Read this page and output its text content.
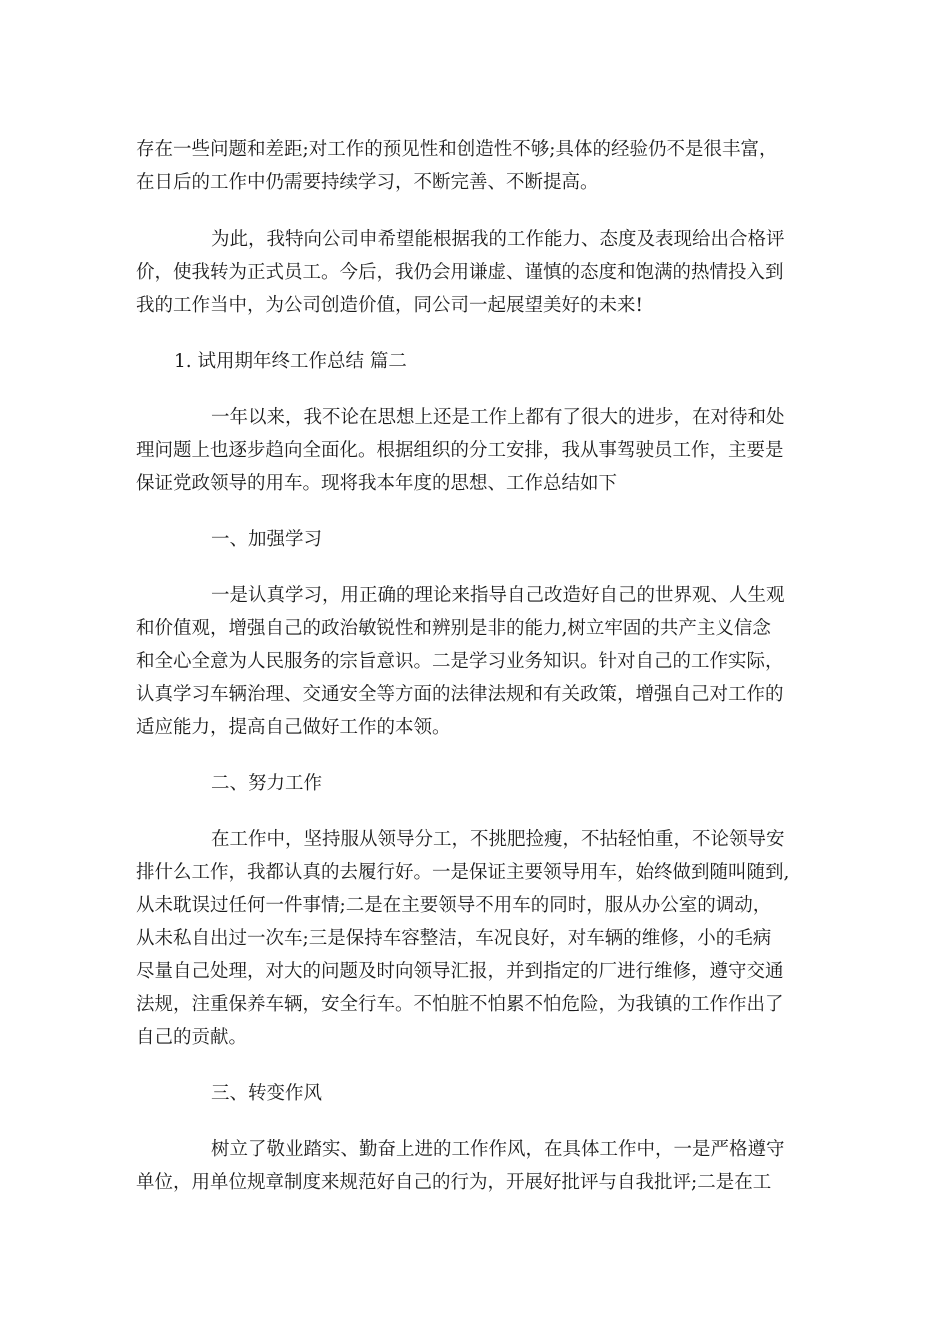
存在一些问题和差距;对工作的预见性和创造性不够;具体的经验仍不是很丰富，
在日后的工作中仍需要持续学习，不断完善、不断提高。
为此，我特向公司申希望能根据我的工作能力、态度及表现给出合格评
价，使我转为正式员工。今后，我仍会用谦虚、谨慎的态度和饱满的热情投入到
我的工作当中，为公司创造价值，同公司一起展望美好的未来!
1. 试用期年终工作总结 篇二
一年以来，我不论在思想上还是工作上都有了很大的进步，在对待和处
理问题上也逐步趋向全面化。根据组织的分工安排，我从事驾驶员工作，主要是
保证党政领导的用车。现将我本年度的思想、工作总结如下
一、加强学习
一是认真学习，用正确的理论来指导自己改造好自己的世界观、人生观
和价值观，增强自己的政治敏锐性和辨别是非的能力,树立牢固的共产主义信念
和全心全意为人民服务的宗旨意识。二是学习业务知识。针对自己的工作实际，
认真学习车辆治理、交通安全等方面的法律法规和有关政策，增强自己对工作的
适应能力，提高自己做好工作的本领。
二、努力工作
在工作中，坚持服从领导分工，不挑肥捡瘦，不拈轻怕重，不论领导安
排什么工作，我都认真的去履行好。一是保证主要领导用车，始终做到随叫随到,
从未耽误过任何一件事情;二是在主要领导不用车的同时，服从办公室的调动，
从未私自出过一次车;三是保持车容整洁，车况良好，对车辆的维修，小的毛病
尽量自己处理，对大的问题及时向领导汇报，并到指定的厂进行维修，遵守交通
法规，注重保养车辆，安全行车。不怕脏不怕累不怕危险，为我镇的工作作出了
自己的贡献。
三、转变作风
树立了敬业踏实、勤奋上进的工作作风，在具体工作中，一是严格遵守
单位，用单位规章制度来规范好自己的行为，开展好批评与自我批评;二是在工
